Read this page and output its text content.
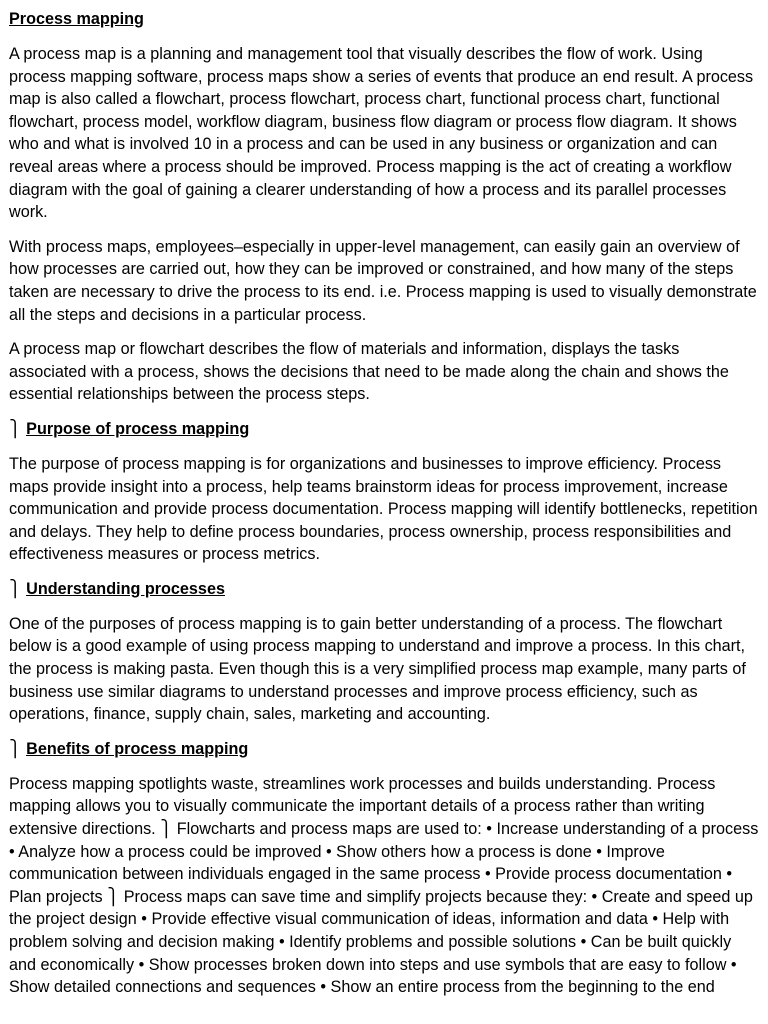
Process mapping

A process map is a planning and management tool that visually describes the flow of work. Using process mapping software, process maps show a series of events that produce an end result. A process map is also called a flowchart, process flowchart, process chart, functional process chart, functional flowchart, process model, workflow diagram, business flow diagram or process flow diagram. It shows who and what is involved 10 in a process and can be used in any business or organization and can reveal areas where a process should be improved. Process mapping is the act of creating a workflow diagram with the goal of gaining a clearer understanding of how a process and its parallel processes work.

With process maps, employees–especially in upper-level management, can easily gain an overview of how processes are carried out, how they can be improved or constrained, and how many of the steps taken are necessary to drive the process to its end. i.e. Process mapping is used to visually demonstrate all the steps and decisions in a particular process.

A process map or flowchart describes the flow of materials and information, displays the tasks associated with a process, shows the decisions that need to be made along the chain and shows the essential relationships between the process steps.

⎫ Purpose of process mapping

The purpose of process mapping is for organizations and businesses to improve efficiency. Process maps provide insight into a process, help teams brainstorm ideas for process improvement, increase communication and provide process documentation. Process mapping will identify bottlenecks, repetition and delays. They help to define process boundaries, process ownership, process responsibilities and effectiveness measures or process metrics.

⎫ Understanding processes

One of the purposes of process mapping is to gain better understanding of a process. The flowchart below is a good example of using process mapping to understand and improve a process. In this chart, the process is making pasta. Even though this is a very simplified process map example, many parts of business use similar diagrams to understand processes and improve process efficiency, such as operations, finance, supply chain, sales, marketing and accounting.

⎫ Benefits of process mapping

Process mapping spotlights waste, streamlines work processes and builds understanding. Process mapping allows you to visually communicate the important details of a process rather than writing extensive directions. ⎫ Flowcharts and process maps are used to: • Increase understanding of a process • Analyze how a process could be improved • Show others how a process is done • Improve communication between individuals engaged in the same process • Provide process documentation • Plan projects ⎫ Process maps can save time and simplify projects because they: • Create and speed up the project design • Provide effective visual communication of ideas, information and data • Help with problem solving and decision making • Identify problems and possible solutions • Can be built quickly and economically • Show processes broken down into steps and use symbols that are easy to follow • Show detailed connections and sequences • Show an entire process from the beginning to the end
